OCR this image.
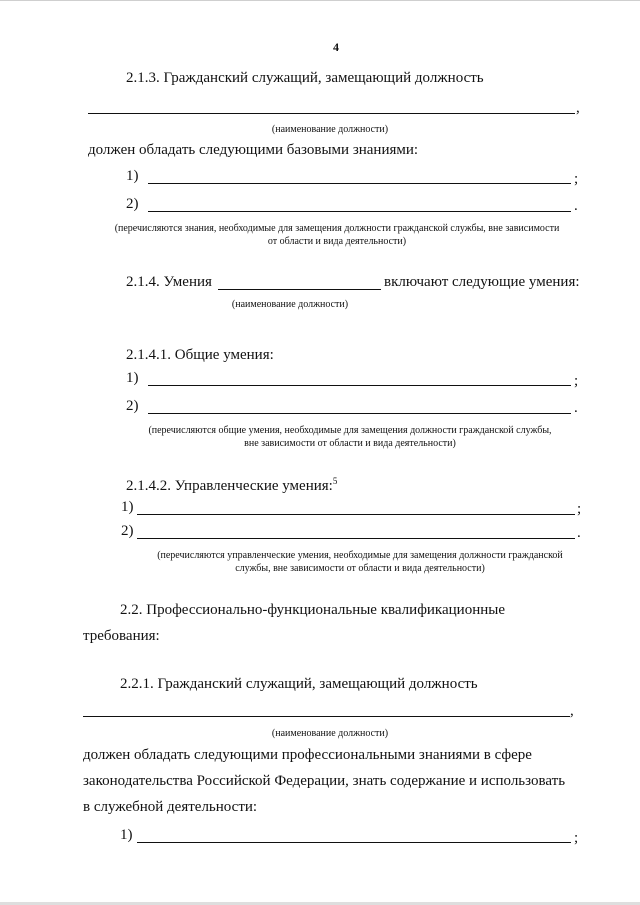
4
2.1.3. Гражданский служащий, замещающий должность
,
(наименование должности)
должен обладать следующими базовыми знаниями:
1)	;
2)	.
(перечисляются знания, необходимые для замещения должности гражданской службы, вне зависимости
от области и вида деятельности)
2.1.4. Умения	включают следующие умения:
(наименование должности)
2.1.4.1. Общие умения:
1)	;
2)	.
(перечисляются общие умения, необходимые для замещения должности гражданской службы,
вне зависимости от области и вида деятельности)
2.1.4.2. Управленческие умения:$^5$
1)	;
2)	.
(перечисляются управленческие умения, необходимые для замещения должности гражданской
службы, вне зависимости от области и вида деятельности)
2.2. Профессионально-функциональные квалификационные
требования:
2.2.1. Гражданский служащий, замещающий должность
,
(наименование должности)
должен обладать следующими профессиональными знаниями в сфере
законодательства Российской Федерации, знать содержание и использовать
в служебной деятельности:
1)	;
